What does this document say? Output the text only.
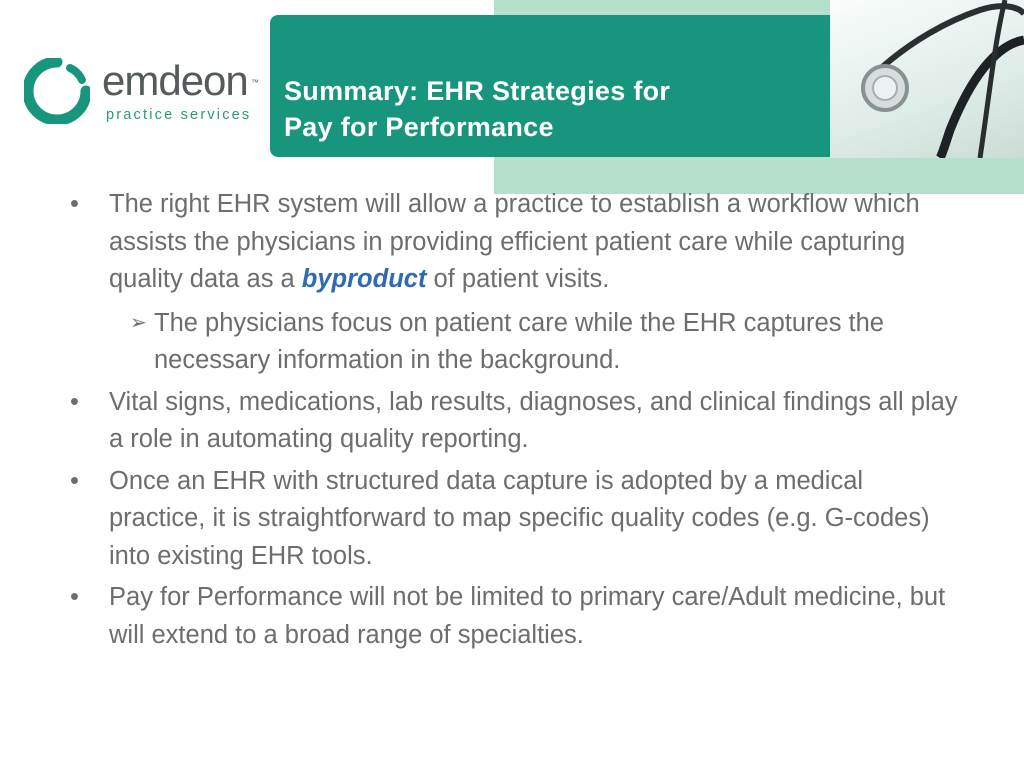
emdeon ™
practice services
Summary: EHR Strategies for
Pay for Performance
• The right EHR system will allow a practice to establish a workflow which assists the physicians in providing efficient patient care while capturing quality data as a byproduct of patient visits.
➢ The physicians focus on patient care while the EHR captures the necessary information in the background.
• Vital signs, medications, lab results, diagnoses, and clinical findings all play a role in automating quality reporting.
• Once an EHR with structured data capture is adopted by a medical practice, it is straightforward to map specific quality codes (e.g. G-codes) into existing EHR tools.
• Pay for Performance will not be limited to primary care/Adult medicine, but will extend to a broad range of specialties.
